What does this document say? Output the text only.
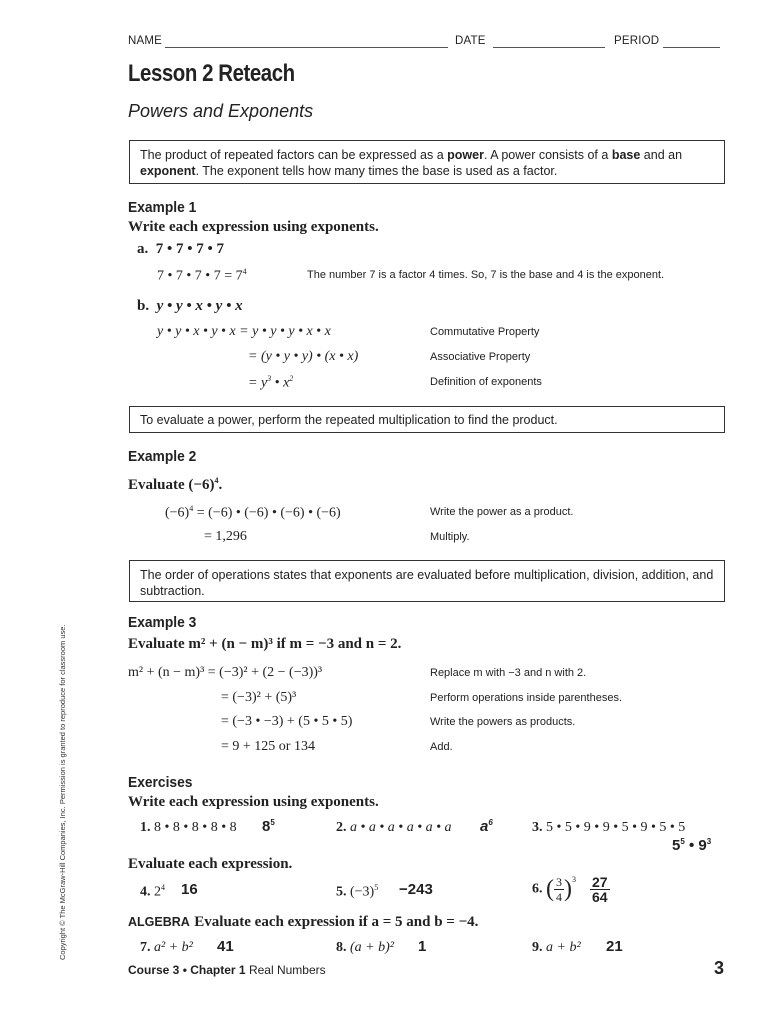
NAME	DATE	PERIOD
Lesson 2 Reteach
Powers and Exponents
The product of repeated factors can be expressed as a power. A power consists of a base and an exponent. The exponent tells how many times the base is used as a factor.
Example 1
Write each expression using exponents.
a. 7 • 7 • 7 • 7
7 • 7 • 7 • $7 = 7^4$	The number 7 is a factor 4 times. So, 7 is the base and 4 is the exponent.
b. y • y • x • y • x
y • y • x • y • x = y • y • y • x • x	Commutative Property
= (y • y • y) • (x • x)	Associative Property
= $y^3$ • $x^2$	Definition of exponents
To evaluate a power, perform the repeated multiplication to find the product.
Example 2
Evaluate $(-6)^4$.
$(-6)^4 = (-6)$ • (−6) • (−6) • (−6)	Write the power as a product.
= 1,296	Multiply.
The order of operations states that exponents are evaluated before multiplication, division, addition, and subtraction.
Example 3
Evaluate m² + (n − m)³ if m = −3 and n = 2.
m² + (n − m)³ = (−3)² + (2 − (−3))³	Replace m with −3 and n with 2.
= (−3)² + (5)³	Perform operations inside parentheses.
= (−3 • −3) + (5 • 5 • 5)	Write the powers as products.
= 9 + 125 or 134	Add.
Exercises
Write each expression using exponents.
1. 8 • 8 • 8 • 8 • 8 $8^5$	2. a • a • a • a • a • a $a^6$	3. 5 • 5 • 9 • 9 • 5 • 9 • 5 • 5
$5^5$ • $9^3$
Evaluate each expression.
4. $2^4$ 16	5. $(-3)^5 -243$	6. ( $\frac{3}{4} )^3 \frac{27}{64}$
ALGEBRA Evaluate each expression if a = 5 and b = −4.
7. a² + b² 41	8. (a + b)² 1	9. a + b² 21
Course 3 • Chapter 1 Real Numbers	3
Copyright © The McGraw-Hill Companies, Inc. Permission is granted to reproduce for classroom use.
